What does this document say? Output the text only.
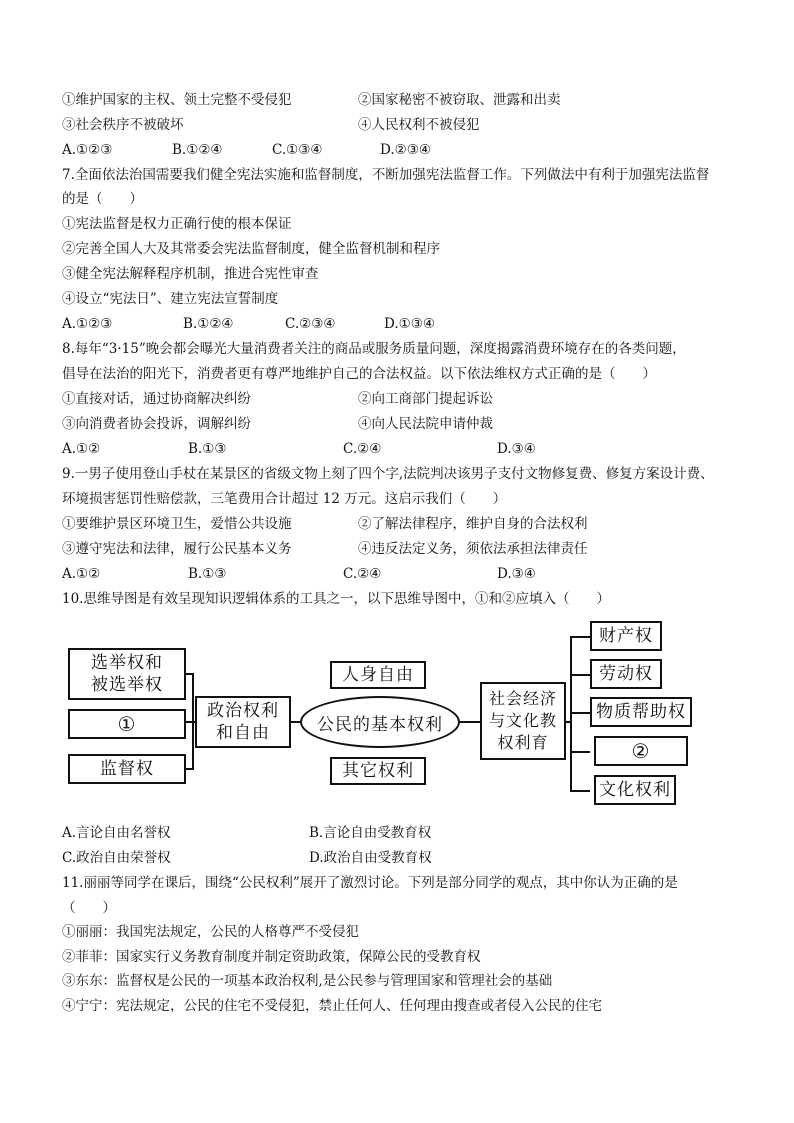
①维护国家的主权、领土完整不受侵犯	②国家秘密不被窃取、泄露和出卖
③社会秩序不被破坏	④人民权利不被侵犯
A.①②③	B.①②④	C.①③④	D.②③④
7.全面依法治国需要我们健全宪法实施和监督制度，不断加强宪法监督工作。下列做法中有利于加强宪法监督
的是（　　）
①宪法监督是权力正确行使的根本保证
②完善全国人大及其常委会宪法监督制度，健全监督机制和程序
③健全宪法解释程序机制，推进合宪性审查
④设立“宪法日”、建立宪法宣誓制度
A.①②③	B.①②④	C.②③④	D.①③④
8.每年“3·15”晚会都会曝光大量消费者关注的商品或服务质量问题，深度揭露消费环境存在的各类问题，
倡导在法治的阳光下，消费者更有尊严地维护自己的合法权益。以下依法维权方式正确的是（　　）
①直接对话，通过协商解决纠纷	②向工商部门提起诉讼
③向消费者协会投诉，调解纠纷	④向人民法院申请仲裁
A.①②	B.①③	C.②④	D.③④
9.一男子使用登山手杖在某景区的省级文物上刻了四个字,法院判决该男子支付文物修复费、修复方案设计费、
环境损害惩罚性赔偿款，三笔费用合计超过 12 万元。这启示我们（　　）
①要维护景区环境卫生，爱惜公共设施	②了解法律程序，维护自身的合法权利
③遵守宪法和法律，履行公民基本义务	④违反法定义务，须依法承担法律责任
A.①②	B.①③	C.②④	D.③④
10.思维导图是有效呈现知识逻辑体系的工具之一，以下思维导图中，①和②应填入（　　）
选举权和
被选举权
①
监督权
政治权利
和自由
人身自由
其它权利
公民的基本权利
社会经济
与文化教
权利育
财产权
劳动权
物质帮助权
②
文化权利
A.言论自由名誉权	B.言论自由受教育权
C.政治自由荣誉权	D.政治自由受教育权
11.丽丽等同学在课后，围绕“公民权利”展开了激烈讨论。下列是部分同学的观点，其中你认为正确的是
（　　）
①丽丽：我国宪法规定，公民的人格尊严不受侵犯
②菲菲：国家实行义务教育制度并制定资助政策，保障公民的受教育权
③东东：监督权是公民的一项基本政治权利,是公民参与管理国家和管理社会的基础
④宁宁：宪法规定，公民的住宅不受侵犯，禁止任何人、任何理由搜查或者侵入公民的住宅
